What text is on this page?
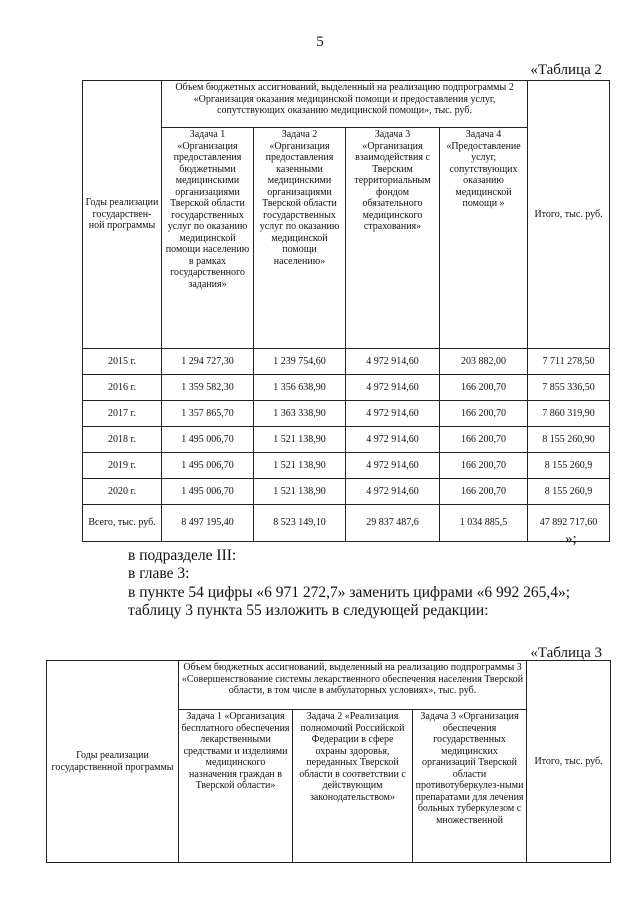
5
«Таблица 2
Годы реализации государствен-ной программы	Объем бюджетных ассигнований, выделенный на реализацию подпрограммы 2 «Организация оказания медицинской помощи и предоставления услуг, сопутствующих оказанию медицинской помощи», тыс. руб.				Итого, тыс. руб.
	Задача 1 «Организация предоставления бюджетными медицинскими организациями Тверской области государственных услуг по оказанию медицинской помощи населению в рамках государственного задания»	Задача 2 «Организация предоставления казенными медицинскими организациями Тверской области государственных услуг по оказанию медицинской помощи населению»	Задача 3 «Организация взаимодействия с Тверским территориальным фондом обязательного медицинского страхования»	Задача 4 «Предоставление услуг, сопутствующих оказанию медицинской помощи »	
2015 г.	1 294 727,30	1 239 754,60	4 972 914,60	203 882,00	7 711 278,50
2016 г.	1 359 582,30	1 356 638,90	4 972 914,60	166 200,70	7 855 336,50
2017 г.	1 357 865,70	1 363 338,90	4 972 914,60	166 200,70	7 860 319,90
2018 г.	1 495 006,70	1 521 138,90	4 972 914,60	166 200,70	8 155 260,90
2019 г.	1 495 006,70	1 521 138,90	4 972 914,60	166 200,70	8 155 260,9
2020 г.	1 495 006,70	1 521 138,90	4 972 914,60	166 200,70	8 155 260,9
Всего, тыс. руб.	8 497 195,40	8 523 149,10	29 837 487,6	1 034 885,5	47 892 717,60
»;
в подразделе III:
в главе 3:
в пункте 54 цифры «6 971 272,7» заменить цифрами «6 992 265,4»;
таблицу 3 пункта 55 изложить в следующей редакции:
«Таблица 3
Годы реализации государственной программы	Объем бюджетных ассигнований, выделенный на реализацию подпрограммы 3 «Совершенствование системы лекарственного обеспечения населения Тверской области, в том числе в амбулаторных условиях», тыс. руб.			Итого, тыс. руб.
	Задача 1 «Организация бесплатного обеспечения лекарственными средствами и изделиями медицинского назначения граждан в Тверской области»	Задача 2 «Реализация полномочий Российской Федерации в сфере охраны здоровья, переданных Тверской области в соответствии с действующим законодательством»	Задача 3 «Организация обеспечения государственных медицинских организаций Тверской области противотуберкулез-ными препаратами для лечения больных туберкулезом с множественной	
